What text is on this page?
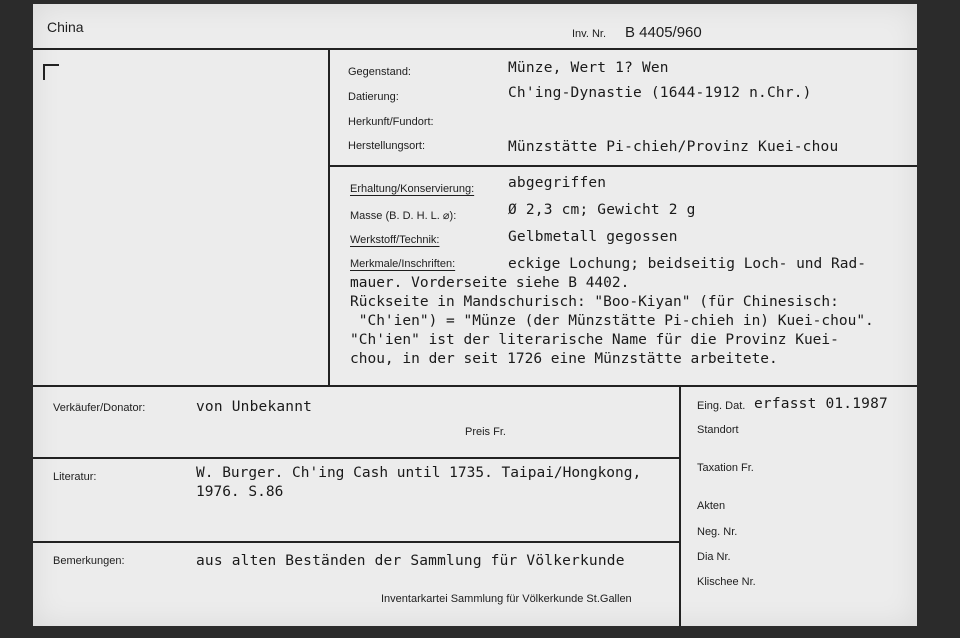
China	Inv. Nr. B 4405/960
Gegenstand:	Münze, Wert 1? Wen
Datierung:	Ch'ing-Dynastie (1644-1912 n.Chr.)
Herkunft/Fundort:
Herstellungsort:	Münzstätte Pi-chieh/Provinz Kuei-chou
Erhaltung/Konservierung: abgegriffen
Masse (B. D. H. L. ⌀):	Ø 2,3 cm; Gewicht 2 g
Werkstoff/Technik:	Gelbmetall gegossen
Merkmale/Inschriften:	eckige Lochung; beidseitig Loch- und Rad-
mauer. Vorderseite siehe B 4402.
Rückseite in Mandschurisch: "Boo-Kiyan" (für Chinesisch:
"Ch'ien") = "Münze (der Münzstätte Pi-chieh in) Kuei-chou".
"Ch'ien" ist der literarische Name für die Provinz Kuei-
chou, in der seit 1726 eine Münzstätte arbeitete.
Verkäufer/Donator:	von Unbekannt
Preis Fr.
Eing. Dat. erfasst 01.1987
Standort
Literatur:	W. Burger. Ch'ing Cash until 1735. Taipai/Hongkong,
1976. S.86
Taxation Fr.
Akten
Neg. Nr.
Dia Nr.
Klischee Nr.
Bemerkungen:	aus alten Beständen der Sammlung für Völkerkunde
Inventarkartei Sammlung für Völkerkunde St.Gallen
